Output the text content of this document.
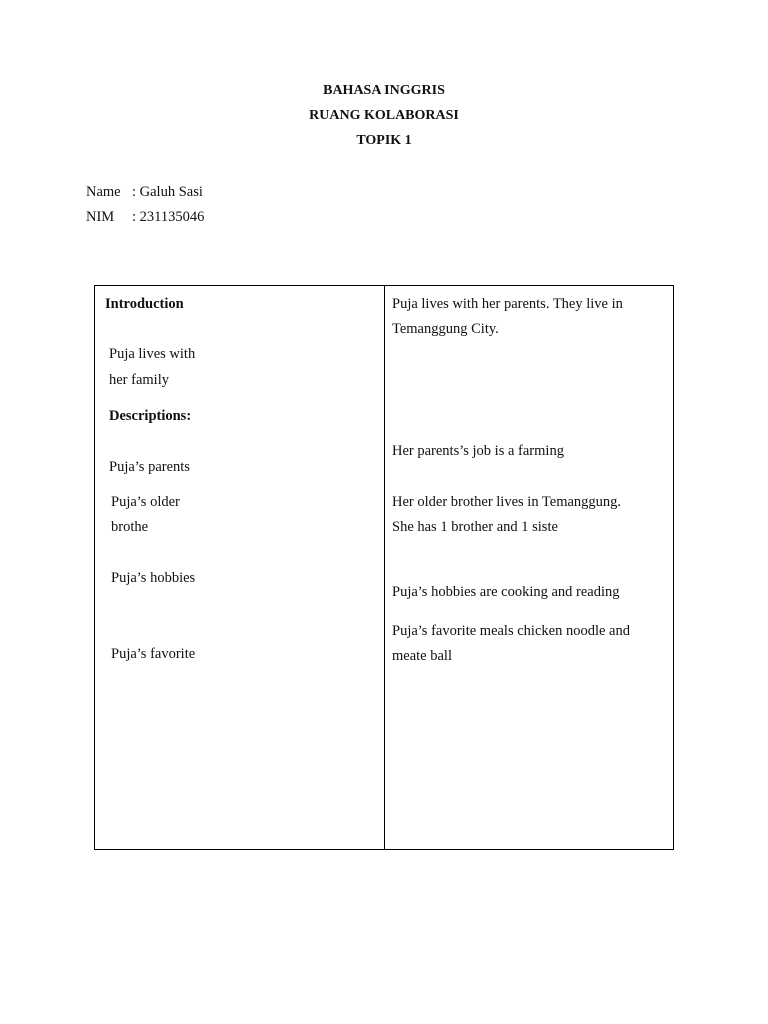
BAHASA INGGRIS
RUANG KOLABORASI
TOPIK 1
Name : Galuh Sasi
NIM : 231135046
Introduction
Puja lives with
her family
Descriptions:
Puja’s parents
Puja’s older
brothe
Puja’s hobbies
Puja’s favorite
Puja lives with her parents. They live in
Temanggung City.
Her parents’s job is a farming
Her older brother lives in Temanggung.
She has 1 brother and 1 siste
Puja’s hobbies are cooking and reading
Puja’s favorite meals chicken noodle and
meate ball
